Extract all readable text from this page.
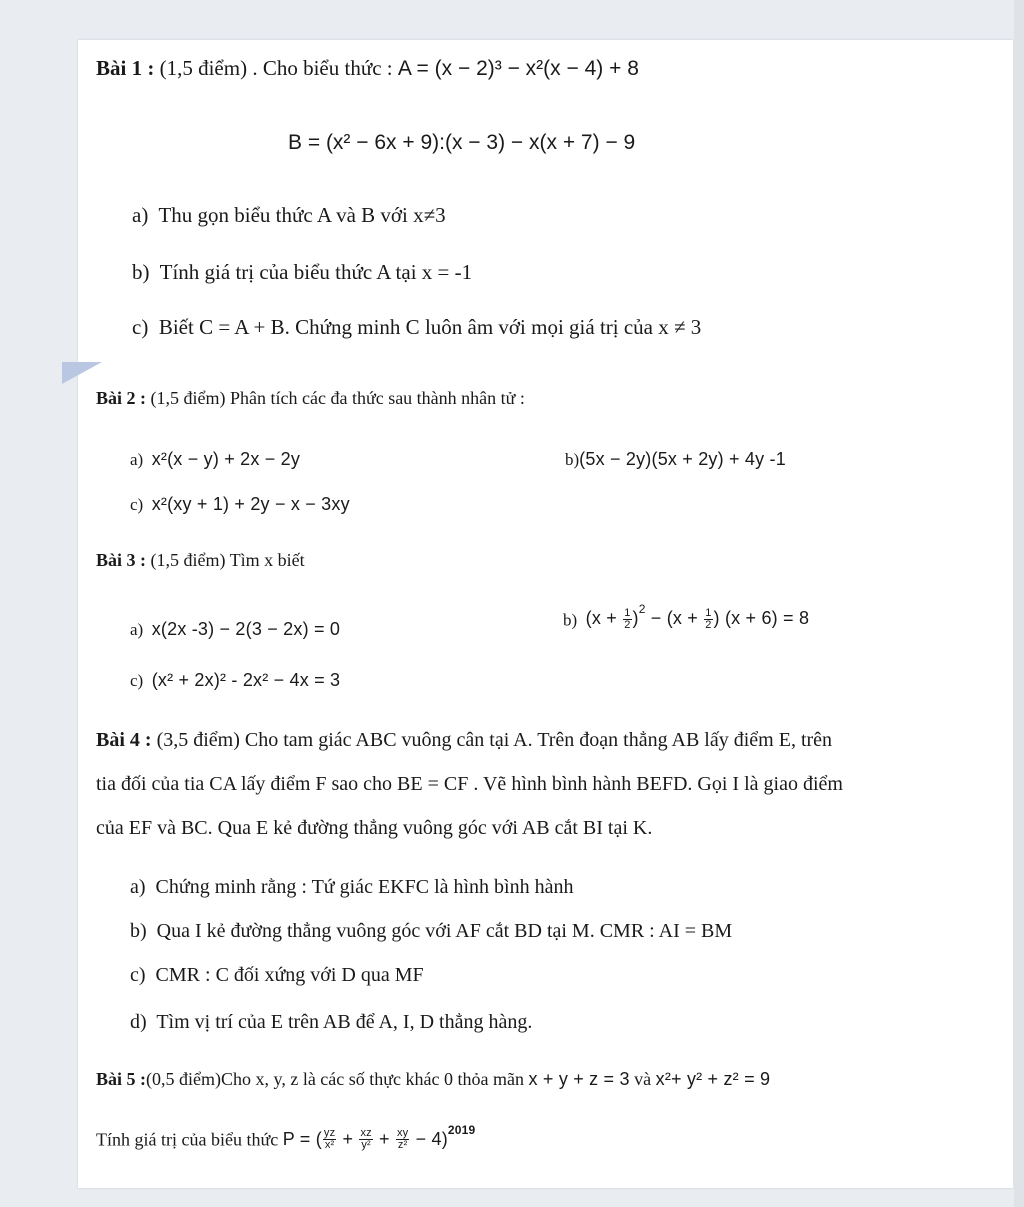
Bài 1 : (1,5 điểm) . Cho biểu thức : A = (x − 2)³ − x²(x − 4) + 8
B = (x² − 6x + 9):(x − 3) − x(x + 7) − 9
a) Thu gọn biểu thức A và B với x≠3
b) Tính giá trị của biểu thức A tại x = -1
c) Biết C = A + B. Chứng minh C luôn âm với mọi giá trị của x ≠ 3
Bài 2 : (1,5 điểm) Phân tích các đa thức sau thành nhân tử :
a) x²(x − y) + 2x − 2y	b)(5x − 2y)(5x + 2y) + 4y -1
c) x²(xy + 1) + 2y − x − 3xy
Bài 3 : (1,5 điểm) Tìm x biết
a) x(2x -3) − 2(3 − 2x) = 0	b) $(x + \frac{1}{2} )^2 - (x + \frac{1}{2}$ ) (x + 6) = 8
c) (x² + 2x)² - 2x² − 4x = 3
Bài 4 : (3,5 điểm) Cho tam giác ABC vuông cân tại A. Trên đoạn thẳng AB lấy điểm E, trên
tia đối của tia CA lấy điểm F sao cho BE = CF . Vẽ hình bình hành BEFD. Gọi I là giao điểm
của EF và BC. Qua E kẻ đường thẳng vuông góc với AB cắt BI tại K.
a) Chứng minh rằng : Tứ giác EKFC là hình bình hành
b) Qua I kẻ đường thẳng vuông góc với AF cắt BD tại M. CMR : AI = BM
c) CMR : C đối xứng với D qua MF
d) Tìm vị trí của E trên AB để A, I, D thẳng hàng.
Bài 5 :(0,5 điểm)Cho x, y, z là các số thực khác 0 thỏa mãn x + y + z = 3 và x²+ y² + z² = 9
Tính giá trị của biểu thức P = ( $\frac{yz}{\text{x²}} + \frac{xz}{\text{y²}} + \frac{xy}{\text{z²}} - 4)^{2019}$
